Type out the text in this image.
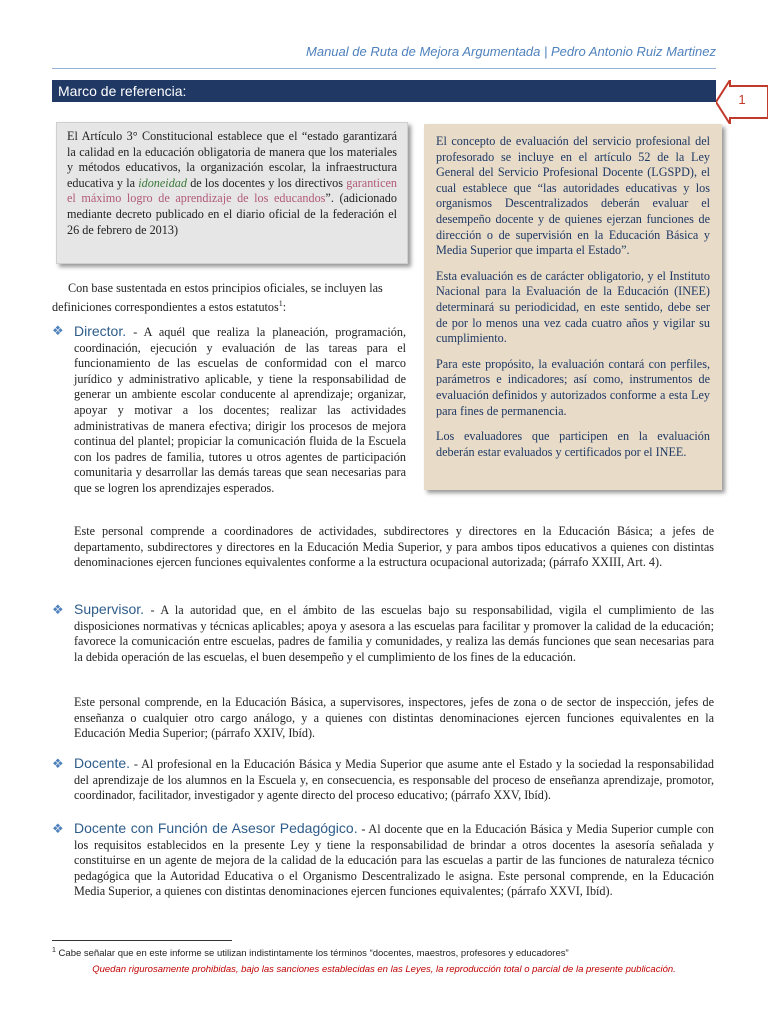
Manual de Ruta de Mejora Argumentada | Pedro Antonio Ruiz Martinez
Marco de referencia:
1
El Artículo 3° Constitucional establece que el “estado garantizará la calidad en la educación obligatoria de manera que los materiales y métodos educativos, la organización escolar, la infraestructura educativa y la idoneidad de los docentes y los directivos garanticen el máximo logro de aprendizaje de los educandos”. (adicionado mediante decreto publicado en el diario oficial de la federación el 26 de febrero de 2013)

El concepto de evaluación del servicio profesional del profesorado se incluye en el artículo 52 de la Ley General del Servicio Profesional Docente (LGSPD), el cual establece que “las autoridades educativas y los organismos Descentralizados deberán evaluar el desempeño docente y de quienes ejerzan funciones de dirección o de supervisión en la Educación Básica y Media Superior que imparta el Estado”.

Esta evaluación es de carácter obligatorio, y el Instituto Nacional para la Evaluación de la Educación (INEE) determinará su periodicidad, en este sentido, debe ser de por lo menos una vez cada cuatro años y vigilar su cumplimiento.

Para este propósito, la evaluación contará con perfiles, parámetros e indicadores; así como, instrumentos de evaluación definidos y autorizados conforme a esta Ley para fines de permanencia.

Los evaluadores que participen en la evaluación deberán estar evaluados y certificados por el INEE.

Con base sustentada en estos principios oficiales, se incluyen las definiciones correspondientes a estos estatutos$^1$:
❖ Director. - A aquél que realiza la planeación, programación, coordinación, ejecución y evaluación de las tareas para el funcionamiento de las escuelas de conformidad con el marco jurídico y administrativo aplicable, y tiene la responsabilidad de generar un ambiente escolar conducente al aprendizaje; organizar, apoyar y motivar a los docentes; realizar las actividades administrativas de manera efectiva; dirigir los procesos de mejora continua del plantel; propiciar la comunicación fluida de la Escuela con los padres de familia, tutores u otros agentes de participación comunitaria y desarrollar las demás tareas que sean necesarias para que se logren los aprendizajes esperados.
Este personal comprende a coordinadores de actividades, subdirectores y directores en la Educación Básica; a jefes de departamento, subdirectores y directores en la Educación Media Superior, y para ambos tipos educativos a quienes con distintas denominaciones ejercen funciones equivalentes conforme a la estructura ocupacional autorizada; (párrafo XXIII, Art. 4).
❖ Supervisor. - A la autoridad que, en el ámbito de las escuelas bajo su responsabilidad, vigila el cumplimiento de las disposiciones normativas y técnicas aplicables; apoya y asesora a las escuelas para facilitar y promover la calidad de la educación; favorece la comunicación entre escuelas, padres de familia y comunidades, y realiza las demás funciones que sean necesarias para la debida operación de las escuelas, el buen desempeño y el cumplimiento de los fines de la educación.
Este personal comprende, en la Educación Básica, a supervisores, inspectores, jefes de zona o de sector de inspección, jefes de enseñanza o cualquier otro cargo análogo, y a quienes con distintas denominaciones ejercen funciones equivalentes en la Educación Media Superior; (párrafo XXIV, Ibíd).
❖ Docente. - Al profesional en la Educación Básica y Media Superior que asume ante el Estado y la sociedad la responsabilidad del aprendizaje de los alumnos en la Escuela y, en consecuencia, es responsable del proceso de enseñanza aprendizaje, promotor, coordinador, facilitador, investigador y agente directo del proceso educativo; (párrafo XXV, Ibíd).
❖ Docente con Función de Asesor Pedagógico. - Al docente que en la Educación Básica y Media Superior cumple con los requisitos establecidos en la presente Ley y tiene la responsabilidad de brindar a otros docentes la asesoría señalada y constituirse en un agente de mejora de la calidad de la educación para las escuelas a partir de las funciones de naturaleza técnico pedagógica que la Autoridad Educativa o el Organismo Descentralizado le asigna. Este personal comprende, en la Educación Media Superior, a quienes con distintas denominaciones ejercen funciones equivalentes; (párrafo XXVI, Ibíd).
$^1$ Cabe señalar que en este informe se utilizan indistintamente los términos “docentes, maestros, profesores y educadores”
Quedan rigurosamente prohibidas, bajo las sanciones establecidas en las Leyes, la reproducción total o parcial de la presente publicación.
